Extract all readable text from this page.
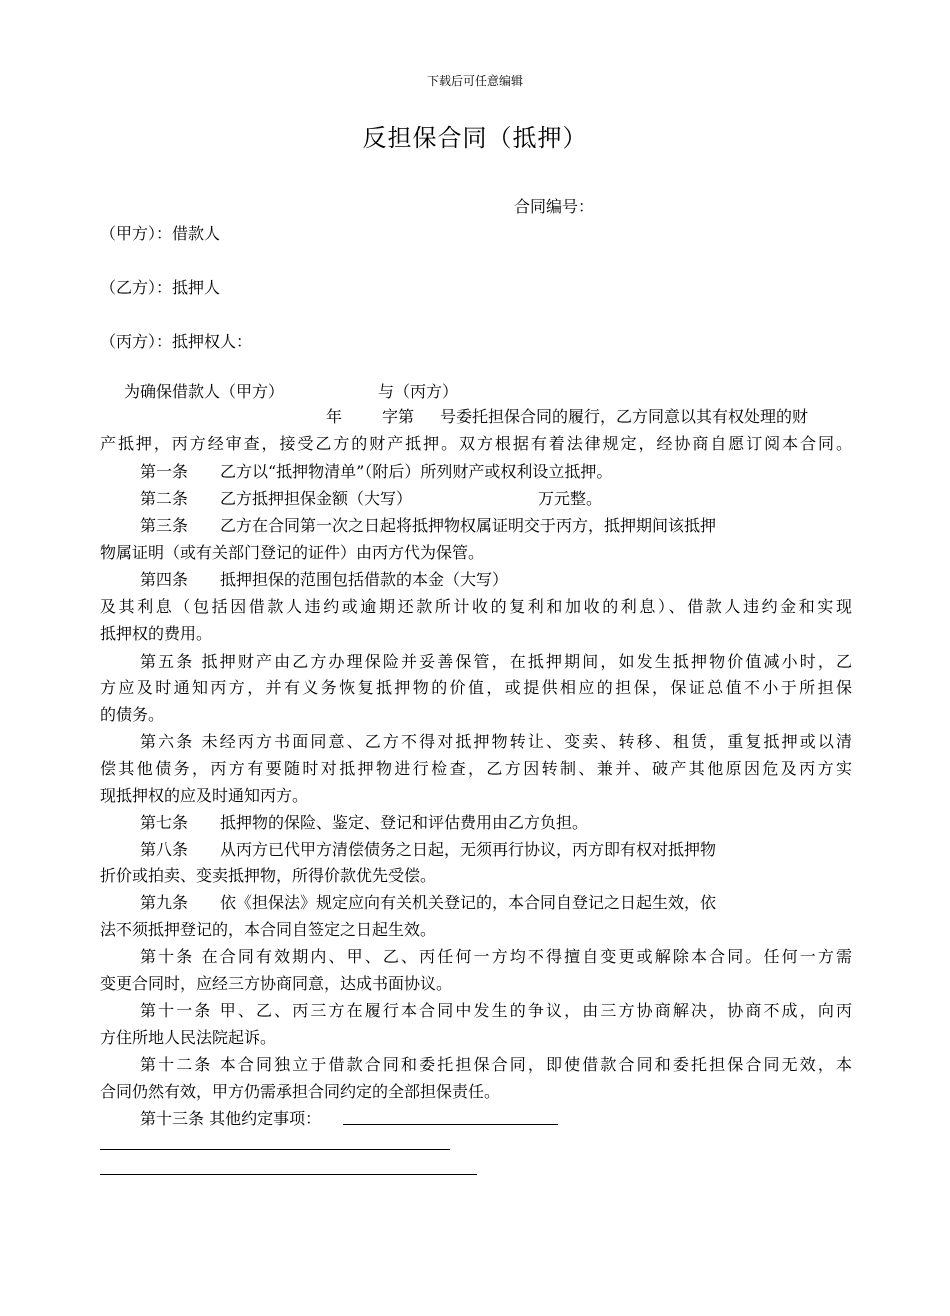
下载后可任意编辑
反担保合同（抵押）
合同编号：
（甲方）：借款人
（乙方）：抵押人
（丙方）：抵押权人：
为确保借款人（甲方）	与（丙方）
年 字第 号委托担保合同的履行，乙方同意以其有权处理的财
产抵押，丙方经审查，接受乙方的财产抵押。双方根据有着法律规定，经协商自愿订阅本合同。
第一条　　乙方以“抵押物清单”（附后）所列财产或权利设立抵押。
第二条　　乙方抵押担保金额（大写）	万元整。
第三条　　乙方在合同第一次之日起将抵押物权属证明交于丙方，抵押期间该抵押
物属证明（或有关部门登记的证件）由丙方代为保管。
第四条　　抵押担保的范围包括借款的本金（大写）
及其利息（包括因借款人违约或逾期还款所计收的复利和加收的利息）、借款人违约金和实现
抵押权的费用。
第五条 抵押财产由乙方办理保险并妥善保管，在抵押期间，如发生抵押物价值减小时，乙
方应及时通知丙方，并有义务恢复抵押物的价值，或提供相应的担保，保证总值不小于所担保
的债务。
第六条 未经丙方书面同意、乙方不得对抵押物转让、变卖、转移、租赁，重复抵押或以清
偿其他债务，丙方有要随时对抵押物进行检查，乙方因转制、兼并、破产其他原因危及丙方实
现抵押权的应及时通知丙方。
第七条　　抵押物的保险、鉴定、登记和评估费用由乙方负担。
第八条　　从丙方已代甲方清偿债务之日起，无须再行协议，丙方即有权对抵押物
折价或拍卖、变卖抵押物，所得价款优先受偿。
第九条　　依《担保法》规定应向有关机关登记的，本合同自登记之日起生效，依
法不须抵押登记的，本合同自签定之日起生效。
第十条 在合同有效期内、甲、乙、丙任何一方均不得擅自变更或解除本合同。任何一方需
变更合同时，应经三方协商同意，达成书面协议。
第十一条 甲、乙、丙三方在履行本合同中发生的争议，由三方协商解决，协商不成，向丙
方住所地人民法院起诉。
第十二条 本合同独立于借款合同和委托担保合同，即使借款合同和委托担保合同无效，本
合同仍然有效，甲方仍需承担合同约定的全部担保责任。
第十三条 其他约定事项：
